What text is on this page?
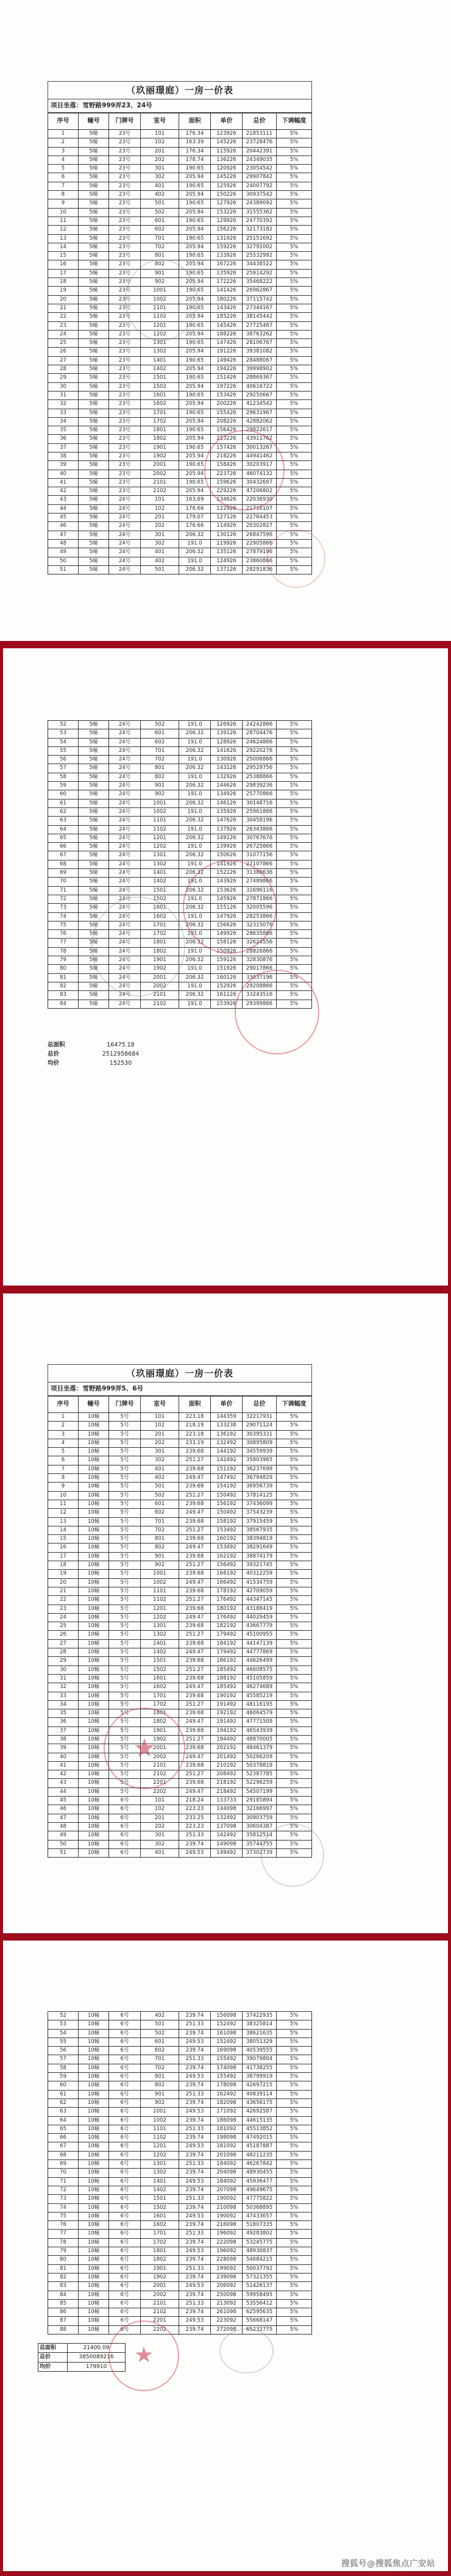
（玖丽璟庭）一房一价表
项目坐落：雪野路999弄23、24号
序号	幢号	门牌号	室号	面积	单价	总价	下调幅度
1	5幢	23号	101	176.34	123926	21853111	5%
2	5幢	23号	102	163.39	145226	23728476	5%
3	5幢	23号	201	176.34	115926	20442391	5%
4	5幢	23号	202	178.74	136226	24349035	5%
5	5幢	23号	301	190.65	120926	23054542	5%
6	5幢	23号	302	205.94	145226	29907842	5%
7	5幢	23号	401	190.65	125926	24007792	5%
8	5幢	23号	402	205.94	150226	30937542	5%
9	5幢	23号	501	190.65	127926	24389092	5%
10	5幢	23号	502	205.94	153226	31555362	5%
11	5幢	23号	601	190.65	129926	24770392	5%
12	5幢	23号	602	205.94	156226	32173182	5%
13	5幢	23号	701	190.65	131926	25151692	5%
14	5幢	23号	702	205.94	159226	32791002	5%
15	5幢	23号	801	190.65	133926	25532992	5%
16	5幢	23号	802	205.94	167226	34438522	5%
17	5幢	23号	901	190.65	135926	25914292	5%
18	5幢	23号	902	205.94	172226	35468222	5%
19	5幢	23号	1001	190.65	141426	26962867	5%
20	5幢	23号	1002	205.94	180226	37115742	5%
21	5幢	23号	1101	190.65	143426	27344167	5%
22	5幢	23号	1102	205.94	185226	38145442	5%
23	5幢	23号	1201	190.65	145426	27725467	5%
24	5幢	23号	1202	205.94	188226	38763262	5%
25	5幢	23号	1301	190.65	147426	28106767	5%
26	5幢	23号	1302	205.94	191226	39381082	5%
27	5幢	23号	1401	190.65	149426	28488067	5%
28	5幢	23号	1402	205.94	194226	39998902	5%
29	5幢	23号	1501	190.65	151426	28869367	5%
30	5幢	23号	1502	205.94	197226	40616722	5%
31	5幢	23号	1601	190.65	153426	29250667	5%
32	5幢	23号	1602	205.94	200226	41234542	5%
33	5幢	23号	1701	190.65	155426	29631967	5%
34	5幢	23号	1702	205.94	208226	42882062	5%
35	5幢	23号	1801	190.65	156426	29822617	5%
36	5幢	23号	1802	205.94	213226	43911762	5%
37	5幢	23号	1901	190.65	157426	30013267	5%
38	5幢	23号	1902	205.94	218226	44941462	5%
39	5幢	23号	2001	190.65	158426	30203917	5%
40	5幢	23号	2002	205.94	223726	46074132	5%
41	5幢	23号	2101	190.65	159626	30432697	5%
42	5幢	23号	2102	205.94	229226	47206802	5%
43	5幢	24号	101	163.69	134626	22036930	5%
44	5幢	24号	102	176.66	122926	21716107	5%
45	5幢	24号	201	179.07	127126	22764453	5%
46	5幢	24号	202	176.66	114926	20302827	5%
47	5幢	24号	301	206.32	130126	26847596	5%
48	5幢	24号	302	191.0	119926	22905866	5%
49	5幢	24号	401	206.32	135126	27879196	5%
50	5幢	24号	402	191.0	124926	23860866	5%
51	5幢	24号	501	206.32	137126	28291836	5%
52	5幢	24号	502	191.0	126926	24242866	5%
53	5幢	24号	601	206.32	139126	28704476	5%
54	5幢	24号	602	191.0	128926	24624866	5%
55	5幢	24号	701	206.32	141626	29220276	5%
56	5幢	24号	702	191.0	130926	25006866	5%
57	5幢	24号	801	206.32	143126	29529756	5%
58	5幢	24号	802	191.0	132926	25388866	5%
59	5幢	24号	901	206.32	144626	29839236	5%
60	5幢	24号	902	191.0	134926	25770866	5%
61	5幢	24号	1001	206.32	146126	30148716	5%
62	5幢	24号	1002	191.0	135926	25961866	5%
63	5幢	24号	1101	206.32	147626	30458196	5%
64	5幢	24号	1102	191.0	137926	26343866	5%
65	5幢	24号	1201	206.32	149126	30767676	5%
66	5幢	24号	1202	191.0	139926	26725866	5%
67	5幢	24号	1301	206.32	150626	31077156	5%
68	5幢	24号	1302	191.0	141926	27107866	5%
69	5幢	24号	1401	206.32	152126	31386636	5%
70	5幢	24号	1402	191.0	143926	27489866	5%
71	5幢	24号	1501	206.32	153626	31696116	5%
72	5幢	24号	1502	191.0	145926	27871866	5%
73	5幢	24号	1601	206.32	155126	32005596	5%
74	5幢	24号	1602	191.0	147926	28253866	5%
75	5幢	24号	1701	206.32	156626	32315076	5%
76	5幢	24号	1702	191.0	149926	28635866	5%
77	5幢	24号	1801	206.32	158126	32624556	5%
78	5幢	24号	1802	191.0	150926	28826866	5%
79	5幢	24号	1901	206.32	159126	32830876	5%
80	5幢	24号	1902	191.0	151926	29017866	5%
81	5幢	24号	2001	206.32	160126	33037196	5%
82	5幢	24号	2002	191.0	152926	29208866	5%
83	5幢	24号	2101	206.32	161126	33243516	5%
84	5幢	24号	2102	191.0	153926	29399866	5%
总面积	16475.18
总价	2512958684
均价	152530
（玖丽璟庭）一房一价表
项目坐落：雪野路999弄5、6号
序号	幢号	门牌号	室号	面积	单价	总价	下调幅度
1	10幢	5号	101	223.18	144359	32217931	5%
2	10幢	5号	102	218.19	133238	29071124	5%
3	10幢	5号	201	223.18	136192	30395331	5%
4	10幢	5号	202	233.19	132492	30895809	5%
5	10幢	5号	301	239.68	144192	34559939	5%
6	10幢	5号	302	251.27	142492	35803965	5%
7	10幢	5号	401	239.68	151192	36237699	5%
8	10幢	5号	402	249.47	147492	36794829	5%
9	10幢	5号	501	239.68	154192	36956739	5%
10	10幢	5号	502	251.27	150492	37814125	5%
11	10幢	5号	601	239.68	156192	37436099	5%
12	10幢	5号	602	249.47	150492	37543239	5%
13	10幢	5号	701	239.68	158192	37915459	5%
14	10幢	5号	702	251.27	153492	38567935	5%
15	10幢	5号	801	239.68	160192	38394819	5%
16	10幢	5号	802	249.47	153492	38291649	5%
17	10幢	5号	901	239.68	162192	38874179	5%
18	10幢	5号	902	251.27	156492	39321745	5%
19	10幢	5号	1001	239.68	168192	40312259	5%
20	10幢	5号	1002	249.47	166492	41534759	5%
21	10幢	5号	1101	239.68	178192	42709059	5%
22	10幢	5号	1102	251.27	176492	44347145	5%
23	10幢	5号	1201	239.68	180192	43188419	5%
24	10幢	5号	1202	249.47	176492	44029459	5%
25	10幢	5号	1301	239.68	182192	43667779	5%
26	10幢	5号	1302	251.27	179492	45100955	5%
27	10幢	5号	1401	239.68	184192	44147139	5%
28	10幢	5号	1402	249.47	179492	44777869	5%
29	10幢	5号	1501	239.68	186192	44626499	5%
30	10幢	5号	1502	251.27	185492	46608575	5%
31	10幢	5号	1601	239.68	188192	45105859	5%
32	10幢	5号	1602	249.47	185492	46274689	5%
33	10幢	5号	1701	239.68	190192	45585219	5%
34	10幢	5号	1702	251.27	191492	48116195	5%
35	10幢	5号	1801	239.68	192192	46064579	5%
36	10幢	5号	1802	249.47	191492	47771509	5%
37	10幢	5号	1901	239.68	194192	46543939	5%
38	10幢	5号	1902	251.27	194492	48870005	5%
39	10幢	5号	2001	239.68	202192	48461379	5%
40	10幢	5号	2002	249.47	201492	50266209	5%
41	10幢	5号	2101	239.68	210192	50378819	5%
42	10幢	5号	2102	251.27	208492	52387785	5%
43	10幢	5号	2201	239.68	218192	52296259	5%
44	10幢	5号	2202	249.47	218492	54507199	5%
45	10幢	6号	101	218.24	133733	29185894	5%
46	10幢	6号	102	223.23	144098	32166997	5%
47	10幢	6号	201	233.25	132492	30903759	5%
48	10幢	6号	202	223.23	137098	30604387	5%
49	10幢	6号	301	251.33	142492	35812514	5%
50	10幢	6号	302	239.74	149098	35744755	5%
51	10幢	6号	401	249.53	149492	37302739	5%
52	10幢	6号	402	239.74	156098	37422935	5%
53	10幢	6号	501	251.33	152492	38325814	5%
54	10幢	6号	502	239.74	161098	38621635	5%
55	10幢	6号	601	249.53	152492	38051329	5%
56	10幢	6号	602	239.74	169098	40539555	5%
57	10幢	6号	701	251.33	155492	39079804	5%
58	10幢	6号	702	239.74	174098	41738255	5%
59	10幢	6号	801	249.53	155492	38799919	5%
60	10幢	6号	802	239.74	178098	42697215	5%
61	10幢	6号	901	251.33	162492	40839114	5%
62	10幢	6号	902	239.74	182098	43656175	5%
63	10幢	6号	1001	249.53	171092	42692587	5%
64	10幢	6号	1002	239.74	186098	44615135	5%
65	10幢	6号	1101	251.33	181092	45513852	5%
66	10幢	6号	1102	239.74	198098	47492015	5%
67	10幢	6号	1201	249.53	181092	45187887	5%
68	10幢	6号	1202	239.74	201098	48211235	5%
69	10幢	6号	1301	251.33	184092	46267842	5%
70	10幢	6号	1302	239.74	204098	48930455	5%
71	10幢	6号	1401	249.53	184092	45936477	5%
72	10幢	6号	1402	239.74	207098	49649675	5%
73	10幢	6号	1501	251.33	190092	47775822	5%
74	10幢	6号	1502	239.74	210098	50368895	5%
75	10幢	6号	1601	249.53	190092	47433657	5%
76	10幢	6号	1602	239.74	216098	51807335	5%
77	10幢	6号	1701	251.33	196092	49283802	5%
78	10幢	6号	1702	239.74	222098	53245775	5%
79	10幢	6号	1801	249.53	196092	48930837	5%
80	10幢	6号	1802	239.74	228098	54684215	5%
81	10幢	6号	1901	251.33	199092	50037792	5%
82	10幢	6号	1902	239.74	239098	57321355	5%
83	10幢	6号	2001	249.53	206092	51426137	5%
84	10幢	6号	2002	239.74	250098	59958495	5%
85	10幢	6号	2101	251.33	213092	53556412	5%
86	10幢	6号	2102	239.74	261098	62595635	5%
87	10幢	6号	2201	249.53	223092	55668147	5%
88	10幢	6号	2202	239.74	272098	65232775	5%
总面积	21400.09
总价	3850089216
均价	179910
★
★
搜狐号@搜狐焦点广安站
